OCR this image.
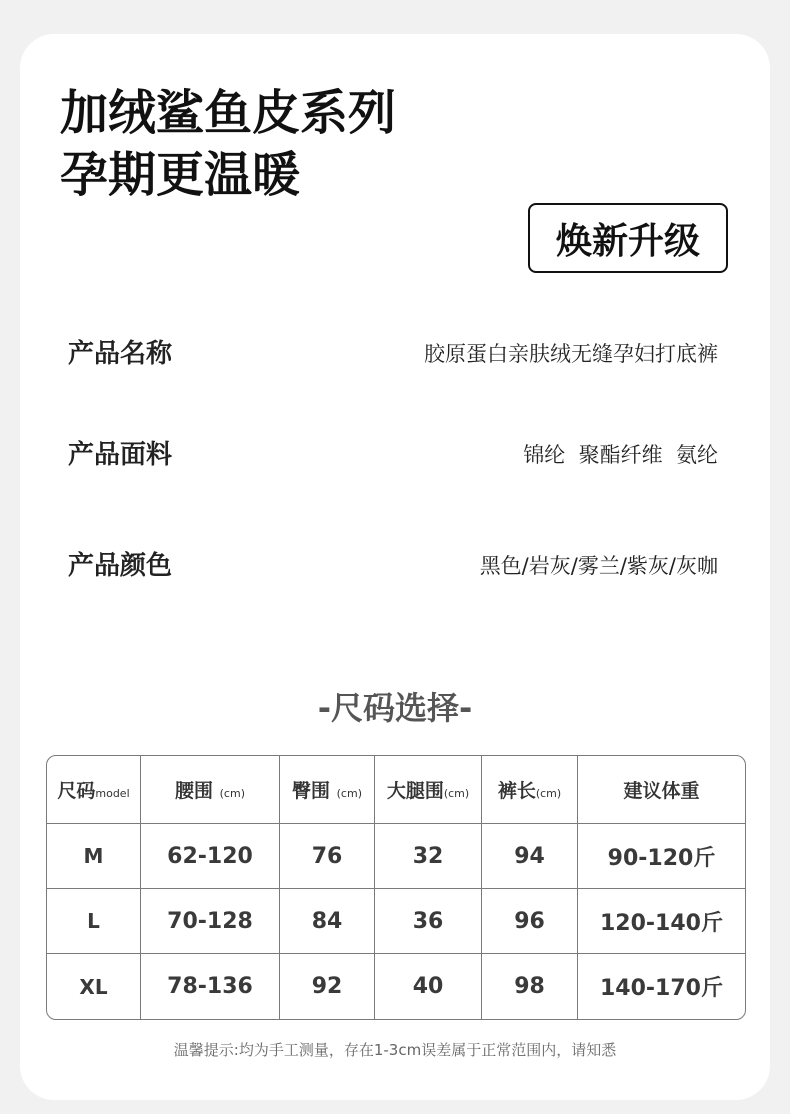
加绒鲨鱼皮系列
孕期更温暖
焕新升级
产品名称	胶原蛋白亲肤绒无缝孕妇打底裤
产品面料	锦纶  聚酯纤维  氨纶
产品颜色	黑色/岩灰/雾兰/紫灰/灰咖
-尺码选择-
尺码model	腰围 (cm)	臀围 (cm)	大腿围(cm)	裤长(cm)	建议体重
M	62-120	76	32	94	90-120斤
L	70-128	84	36	96	120-140斤
XL	78-136	92	40	98	140-170斤
温馨提示:均为手工测量，存在1-3cm误差属于正常范围内，请知悉
